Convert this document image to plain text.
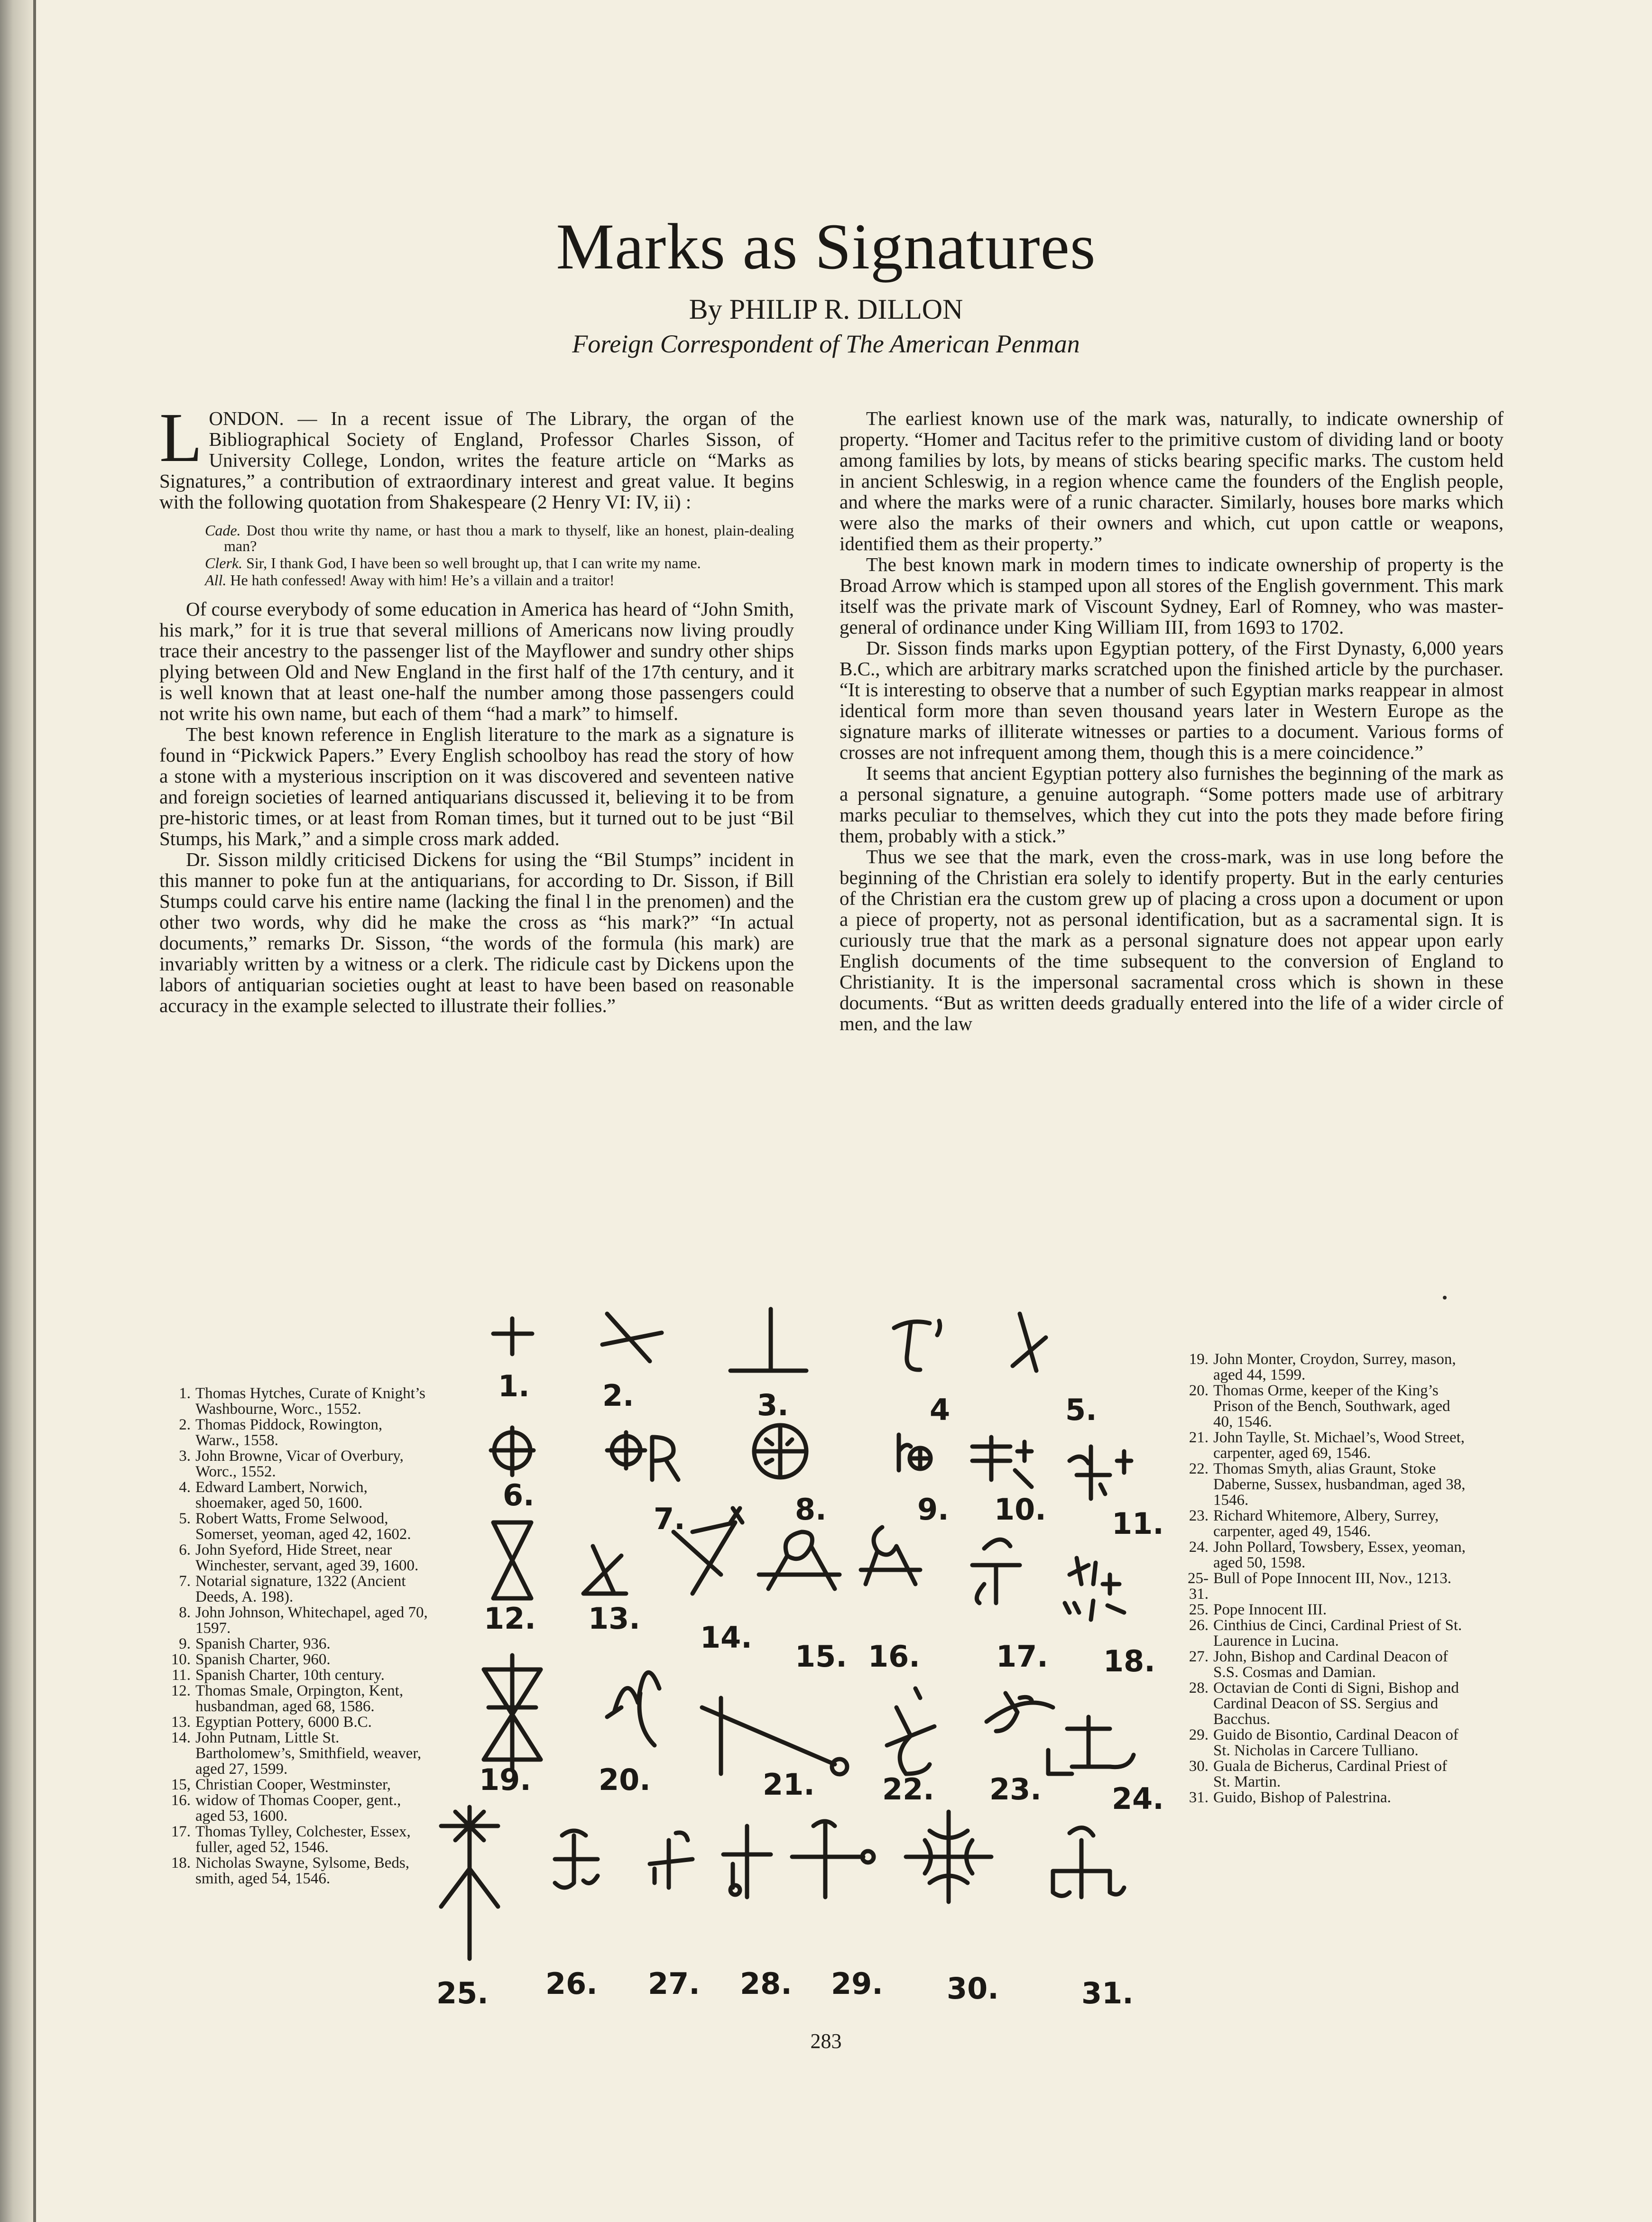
Marks as Signatures
By PHILIP R. DILLON
Foreign Correspondent of The American Penman

LONDON. — In a recent issue of The Library, the organ of the Bibliographical Society of England, Professor Charles Sisson, of University College, London, writes the feature article on “Marks as Signatures,” a contribution of extraordinary interest and great value. It begins with the following quotation from Shakespeare (2 Henry VI: IV, ii) :

Cade. Dost thou write thy name, or hast thou a mark to thyself, like an honest, plain-dealing man?
Clerk. Sir, I thank God, I have been so well brought up, that I can write my name.
All. He hath confessed! Away with him! He’s a villain and a traitor!

Of course everybody of some education in America has heard of “John Smith, his mark,” for it is true that several millions of Americans now living proudly trace their ancestry to the passenger list of the Mayflower and sundry other ships plying between Old and New England in the first half of the 17th century, and it is well known that at least one-half the number among those passengers could not write his own name, but each of them “had a mark” to himself.

The best known reference in English literature to the mark as a signature is found in “Pickwick Papers.” Every English schoolboy has read the story of how a stone with a mysterious inscription on it was discovered and seventeen native and foreign societies of learned antiquarians discussed it, believing it to be from pre-historic times, or at least from Roman times, but it turned out to be just “Bil Stumps, his Mark,” and a simple cross mark added.

Dr. Sisson mildly criticised Dickens for using the “Bil Stumps” incident in this manner to poke fun at the antiquarians, for according to Dr. Sisson, if Bill Stumps could carve his entire name (lacking the final l in the prenomen) and the other two words, why did he make the cross as “his mark?” “In actual documents,” remarks Dr. Sisson, “the words of the formula (his mark) are invariably written by a witness or a clerk. The ridicule cast by Dickens upon the labors of antiquarian societies ought at least to have been based on reasonable accuracy in the example selected to illustrate their follies.”

The earliest known use of the mark was, naturally, to indicate ownership of property. “Homer and Tacitus refer to the primitive custom of dividing land or booty among families by lots, by means of sticks bearing specific marks. The custom held in ancient Schleswig, in a region whence came the founders of the English people, and where the marks were of a runic character. Similarly, houses bore marks which were also the marks of their owners and which, cut upon cattle or weapons, identified them as their property.”

The best known mark in modern times to indicate ownership of property is the Broad Arrow which is stamped upon all stores of the English government. This mark itself was the private mark of Viscount Sydney, Earl of Romney, who was master-general of ordinance under King William III, from 1693 to 1702.

Dr. Sisson finds marks upon Egyptian pottery, of the First Dynasty, 6,000 years B.C., which are arbitrary marks scratched upon the finished article by the purchaser. “It is interesting to observe that a number of such Egyptian marks reappear in almost identical form more than seven thousand years later in Western Europe as the signature marks of illiterate witnesses or parties to a document. Various forms of crosses are not infrequent among them, though this is a mere coincidence.”

It seems that ancient Egyptian pottery also furnishes the beginning of the mark as a personal signature, a genuine autograph. “Some potters made use of arbitrary marks peculiar to themselves, which they cut into the pots they made before firing them, probably with a stick.”

Thus we see that the mark, even the cross-mark, was in use long before the beginning of the Christian era solely to identify property. But in the early centuries of the Christian era the custom grew up of placing a cross upon a document or upon a piece of property, not as personal identification, but as a sacramental sign. It is curiously true that the mark as a personal signature does not appear upon early English documents of the time subsequent to the conversion of England to Christianity. It is the impersonal sacramental cross which is shown in these documents. “But as written deeds gradually entered into the life of a wider circle of men, and the law

1. Thomas Hytches, Curate of Knight’s Washbourne, Worc., 1552.
2. Thomas Piddock, Rowington, Warw., 1558.
3. John Browne, Vicar of Overbury, Worc., 1552.
4. Edward Lambert, Norwich, shoemaker, aged 50, 1600.
5. Robert Watts, Frome Selwood, Somerset, yeoman, aged 42, 1602.
6. John Syeford, Hide Street, near Winchester, servant, aged 39, 1600.
7. Notarial signature, 1322 (Ancient Deeds, A. 198).
8. John Johnson, Whitechapel, aged 70, 1597.
9. Spanish Charter, 936.
10. Spanish Charter, 960.
11. Spanish Charter, 10th century.
12. Thomas Smale, Orpington, Kent, husbandman, aged 68, 1586.
13. Egyptian Pottery, 6000 B.C.
14. John Putnam, Little St. Bartholomew’s, Smithfield, weaver, aged 27, 1599.
15, 16.
Christian Cooper, Westminster, widow of Thomas Cooper, gent., aged 53, 1600.
17. Thomas Tylley, Colchester, Essex, fuller, aged 52, 1546.
18. Nicholas Swayne, Sylsome, Beds, smith, aged 54, 1546.
19. John Monter, Croydon, Surrey, mason, aged 44, 1599.
20. Thomas Orme, keeper of the King’s Prison of the Bench, Southwark, aged 40, 1546.
21. John Taylle, St. Michael’s, Wood Street, carpenter, aged 69, 1546.
22. Thomas Smyth, alias Graunt, Stoke Daberne, Sussex, husbandman, aged 38, 1546.
23. Richard Whitemore, Albery, Surrey, carpenter, aged 49, 1546.
24. John Pollard, Towsbery, Essex, yeoman, aged 50, 1598.
25-31.
Bull of Pope Innocent III, Nov., 1213.
25. Pope Innocent III.
26. Cinthius de Cinci, Cardinal Priest of St. Laurence in Lucina.
27. John, Bishop and Cardinal Deacon of S.S. Cosmas and Damian.
28. Octavian de Conti di Signi, Bishop and Cardinal Deacon of SS. Sergius and Bacchus.
29. Guido de Bisontio, Cardinal Deacon of St. Nicholas in Carcere Tulliano.
30. Guala de Bicherus, Cardinal Priest of St. Martin.
31. Guido, Bishop of Palestrina.
1. 2.	3.	4	5.
6.
7.	8.	9. 10. 11.
12. 13.
14.
15. 16.	17. 18.
19. 20.	21. 22. 23. 24.
25. 26. 27. 28. 29. 30.	31.
283
